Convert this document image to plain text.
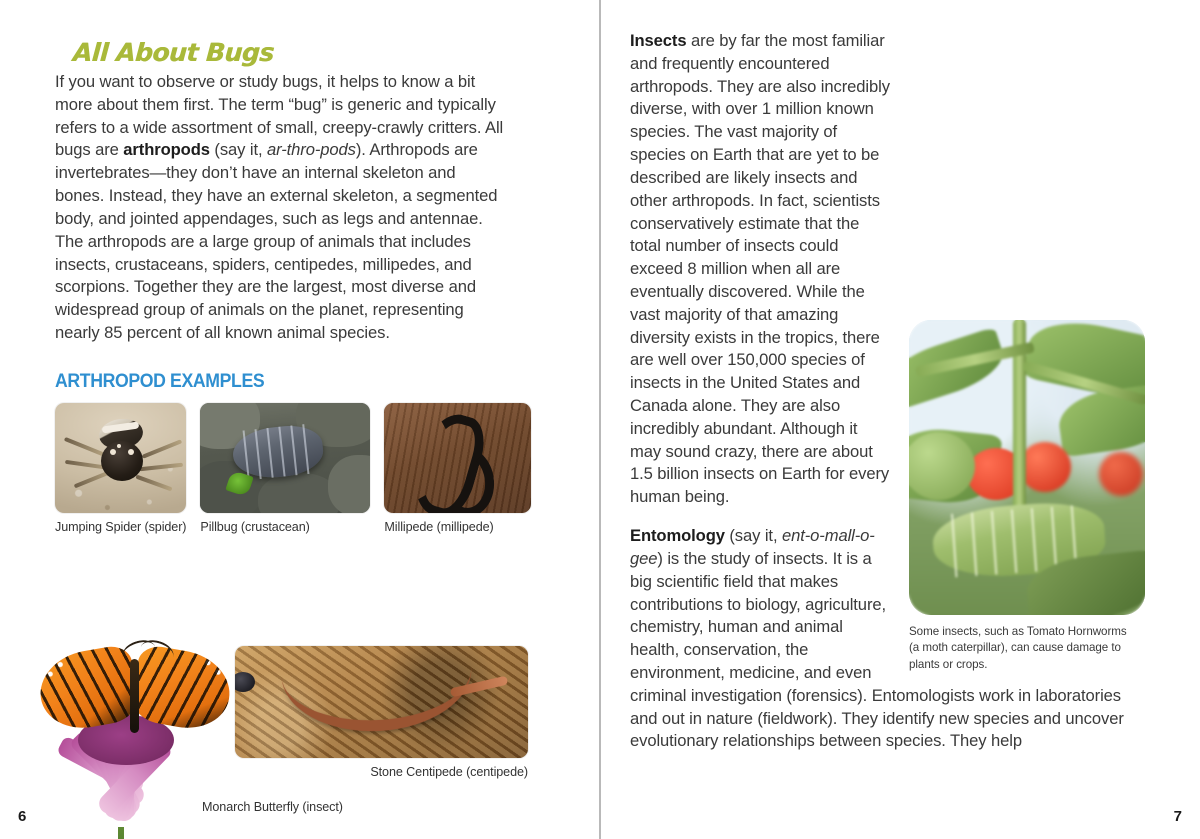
All About Bugs

If you want to observe or study bugs, it helps to know a bit more about them first. The term “bug” is generic and typically refers to a wide assortment of small, creepy-crawly critters. All bugs are arthropods (say it, ar-thro-pods). Arthropods are invertebrates—they don’t have an internal skeleton and bones. Instead, they have an external skeleton, a segmented body, and jointed appendages, such as legs and antennae. The arthropods are a large group of animals that includes insects, crustaceans, spiders, centipedes, millipedes, and scorpions. Together they are the largest, most diverse and widespread group of animals on the planet, representing nearly 85 percent of all known animal species.

ARTHROPOD EXAMPLES
Jumping Spider (spider) Pillbug (crustacean)	Millipede (millipede)
Monarch Butterfly (insect)
Stone Centipede (centipede)
6
Some insects, such as Tomato Hornworms (a moth caterpillar), can cause damage to plants or crops.

Insects are by far the most familiar and frequently encountered arthropods. They are also incredibly diverse, with over 1 million known species. The vast majority of species on Earth that are yet to be described are likely insects and other arthropods. In fact, scientists conservatively estimate that the total number of insects could exceed 8 million when all are eventually discovered. While the vast majority of that amazing diversity exists in the tropics, there are well over 150,000 species of insects in the United States and Canada alone. They are also incredibly abundant. Although it may sound crazy, there are about 1.5 billion insects on Earth for every human being.

Entomology (say it, ent-o-mall-o-gee) is the study of insects. It is a big scientific field that makes contributions to biology, agriculture, chemistry, human and animal health, conservation, the environment, medicine, and even criminal investigation (forensics). Entomologists work in laboratories and out in nature (fieldwork). They identify new species and uncover evolutionary relationships between species. They help

7
